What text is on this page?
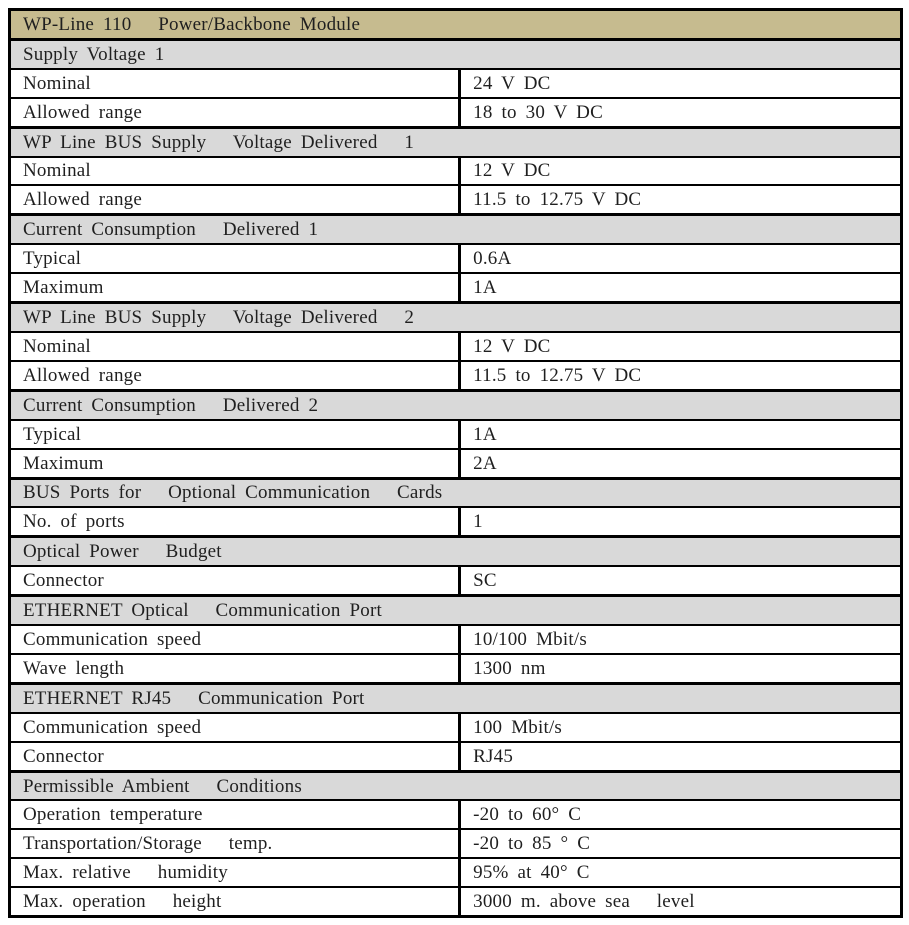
WP-Line 110   Power/Backbone Module
Supply Voltage 1
Nominal	24 V DC
Allowed range	18 to 30 V DC
WP Line BUS Supply   Voltage Delivered   1
Nominal	12 V DC
Allowed range	11.5 to 12.75 V DC
Current Consumption   Delivered 1
Typical	0.6A
Maximum	1A
WP Line BUS Supply   Voltage Delivered   2
Nominal	12 V DC
Allowed range	11.5 to 12.75 V DC
Current Consumption   Delivered 2
Typical	1A
Maximum	2A
BUS Ports for   Optional Communication   Cards
No. of ports	1
Optical Power   Budget
Connector	SC
ETHERNET Optical   Communication Port
Communication speed	10/100 Mbit/s
Wave length	1300 nm
ETHERNET RJ45   Communication Port
Communication speed	100 Mbit/s
Connector	RJ45
Permissible Ambient   Conditions
Operation temperature	-20 to 60° C
Transportation/Storage   temp.	-20 to 85 ° C
Max. relative   humidity	95% at 40° C
Max. operation   height	3000 m. above sea   level
